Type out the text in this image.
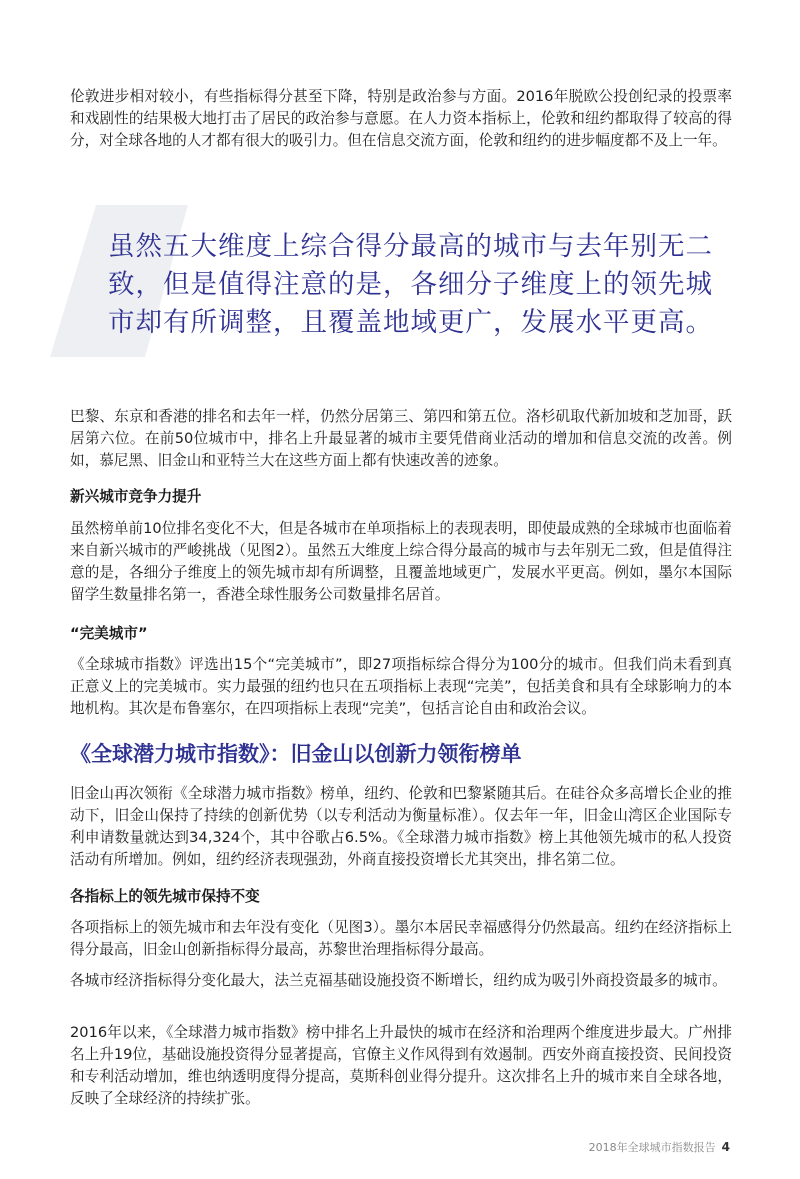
伦敦进步相对较小，有些指标得分甚至下降，特别是政治参与方面。2016年脱欧公投创纪录的投票率和戏剧性的结果极大地打击了居民的政治参与意愿。在人力资本指标上，伦敦和纽约都取得了较高的得分，对全球各地的人才都有很大的吸引力。但在信息交流方面，伦敦和纽约的进步幅度都不及上一年。

虽然五大维度上综合得分最高的城市与去年别无二致，但是值得注意的是，各细分子维度上的领先城市却有所调整，且覆盖地域更广，发展水平更高。

巴黎、东京和香港的排名和去年一样，仍然分居第三、第四和第五位。洛杉矶取代新加坡和芝加哥，跃居第六位。在前50位城市中，排名上升最显著的城市主要凭借商业活动的增加和信息交流的改善。例如，慕尼黑、旧金山和亚特兰大在这些方面上都有快速改善的迹象。

新兴城市竞争力提升

虽然榜单前10位排名变化不大，但是各城市在单项指标上的表现表明，即使最成熟的全球城市也面临着来自新兴城市的严峻挑战（见图2）。虽然五大维度上综合得分最高的城市与去年别无二致，但是值得注意的是，各细分子维度上的领先城市却有所调整，且覆盖地域更广，发展水平更高。例如，墨尔本国际留学生数量排名第一，香港全球性服务公司数量排名居首。

“完美城市”

《全球城市指数》评选出15个“完美城市”，即27项指标综合得分为100分的城市。但我们尚未看到真正意义上的完美城市。实力最强的纽约也只在五项指标上表现“完美”，包括美食和具有全球影响力的本地机构。其次是布鲁塞尔，在四项指标上表现“完美”，包括言论自由和政治会议。

《全球潜力城市指数》：旧金山以创新力领衔榜单

旧金山再次领衔《全球潜力城市指数》榜单，纽约、伦敦和巴黎紧随其后。在硅谷众多高增长企业的推动下，旧金山保持了持续的创新优势（以专利活动为衡量标准）。仅去年一年，旧金山湾区企业国际专利申请数量就达到34,324个，其中谷歌占6.5%。《全球潜力城市指数》榜上其他领先城市的私人投资活动有所增加。例如，纽约经济表现强劲，外商直接投资增长尤其突出，排名第二位。

各指标上的领先城市保持不变

各项指标上的领先城市和去年没有变化（见图3）。墨尔本居民幸福感得分仍然最高。纽约在经济指标上得分最高，旧金山创新指标得分最高，苏黎世治理指标得分最高。

各城市经济指标得分变化最大，法兰克福基础设施投资不断增长，纽约成为吸引外商投资最多的城市。

2016年以来，《全球潜力城市指数》榜中排名上升最快的城市在经济和治理两个维度进步最大。广州排名上升19位，基础设施投资得分显著提高，官僚主义作风得到有效遏制。西安外商直接投资、民间投资和专利活动增加，维也纳透明度得分提高，莫斯科创业得分提升。这次排名上升的城市来自全球各地，反映了全球经济的持续扩张。

2018年全球城市指数报告 4
